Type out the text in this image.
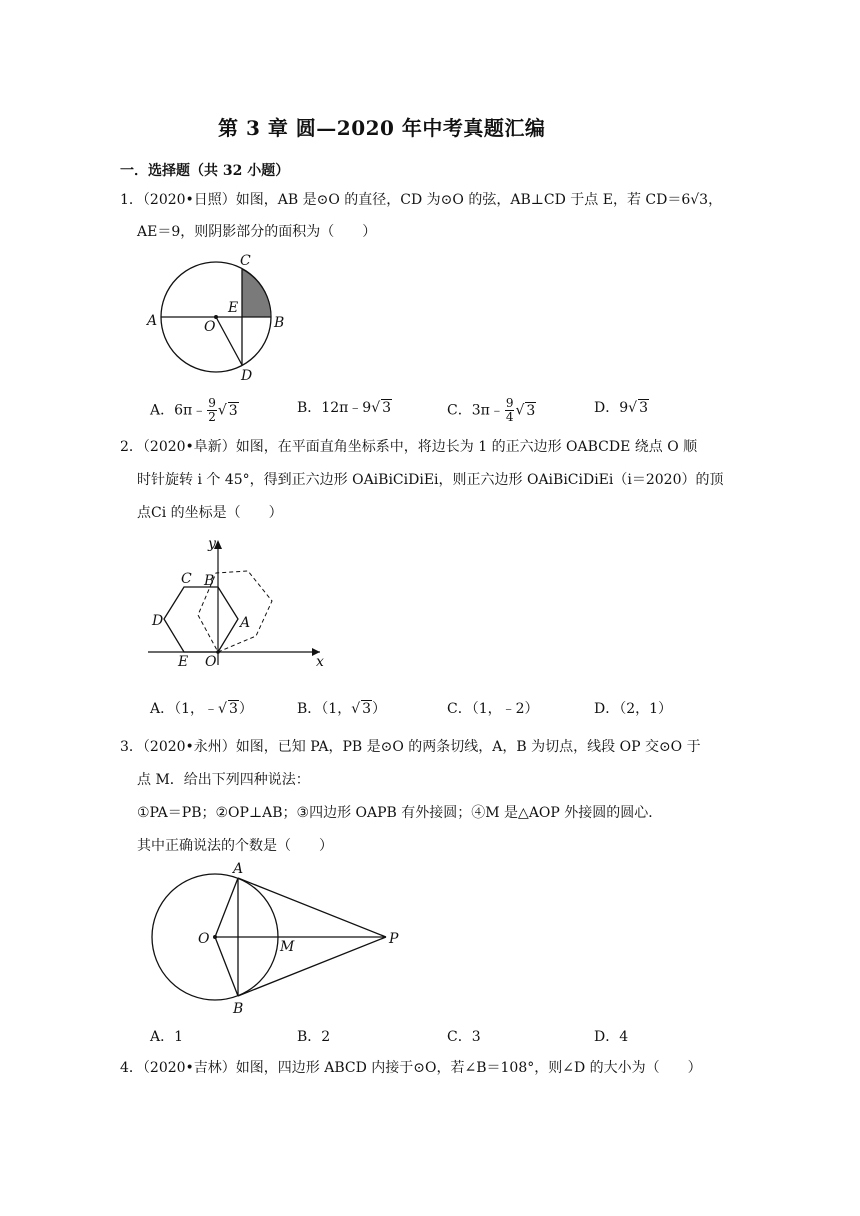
第 3 章 圆—2020 年中考真题汇编
一．选择题（共 32 小题）
1．（2020•日照）如图，AB 是⊙O 的直径，CD 为⊙O 的弦，AB⊥CD 于点 E，若 CD＝6√3，
AE＝9，则阴影部分的面积为（　　）
C
E
A	O	B
D
A．6π﹣ $\frac{9}{2}$ √ 3	B．12π﹣9√ 3	C．3π﹣ $\frac{9}{4}$ √ 3	D．9√ 3
2．（2020•阜新）如图，在平面直角坐标系中，将边长为 1 的正六边形 OABCDE 绕点 O 顺
时针旋转 i 个 45°，得到正六边形 OAiBiCiDiEi，则正六边形 OAiBiCiDiEi（i＝2020）的顶
点Ci 的坐标是（　　）
y
x
C B
D	A
E O
A．（1，﹣√ 3）	B．（1，√ 3）	C．（1，﹣2）	D．（2，1）
3．（2020•永州）如图，已知 PA，PB 是⊙O 的两条切线，A，B 为切点，线段 OP 交⊙O 于
点 M．给出下列四种说法：
①PA＝PB；②OP⊥AB；③四边形 OAPB 有外接圆；④M 是△AOP 外接圆的圆心．
其中正确说法的个数是（　　）
A
O	M	P
B
A．1	B．2	C．3	D．4
4．（2020•吉林）如图，四边形 ABCD 内接于⊙O，若∠B＝108°，则∠D 的大小为（　　）
